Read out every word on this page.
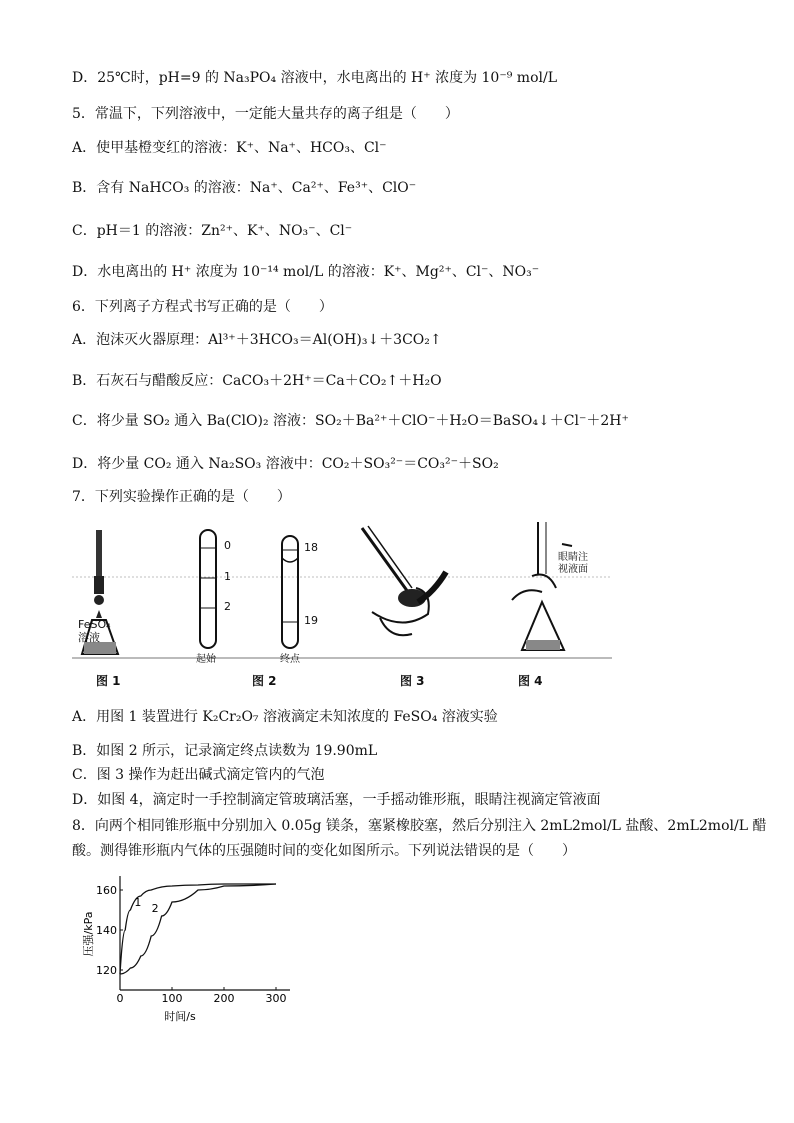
D．25℃时，pH=9 的 Na₃PO₄ 溶液中，水电离出的 H⁺ 浓度为 10⁻⁹ mol/L
5．常温下，下列溶液中，一定能大量共存的离子组是（　　）
A．使甲基橙变红的溶液：K⁺、Na⁺、HCO₃、Cl⁻
B．含有 NaHCO₃ 的溶液：Na⁺、Ca²⁺、Fe³⁺、ClO⁻
C．pH＝1 的溶液：Zn²⁺、K⁺、NO₃⁻、Cl⁻
D．水电离出的 H⁺ 浓度为 10⁻¹⁴ mol/L 的溶液：K⁺、Mg²⁺、Cl⁻、NO₃⁻
6．下列离子方程式书写正确的是（　　）
A．泡沫灭火器原理：Al³⁺＋3HCO₃＝Al(OH)₃↓＋3CO₂↑
B．石灰石与醋酸反应：CaCO₃＋2H⁺＝Ca＋CO₂↑＋H₂O
C．将少量 SO₂ 通入 Ba(ClO)₂ 溶液：SO₂＋Ba²⁺＋ClO⁻＋H₂O＝BaSO₄↓＋Cl⁻＋2H⁺
D．将少量 CO₂ 通入 Na₂SO₃ 溶液中：CO₂＋SO₃²⁻＝CO₃²⁻＋SO₂
7．下列实验操作正确的是（　　）
FeSO₄
溶液
0
1
2
起始
18
19
终点
眼睛注
视液面
图 1	图 2	图 3	图 4
A．用图 1 装置进行 K₂Cr₂O₇ 溶液滴定未知浓度的 FeSO₄ 溶液实验
B．如图 2 所示，记录滴定终点读数为 19.90mL
C．图 3 操作为赶出碱式滴定管内的气泡
D．如图 4，滴定时一手控制滴定管玻璃活塞，一手摇动锥形瓶，眼睛注视滴定管液面
8．向两个相同锥形瓶中分别加入 0.05g 镁条，塞紧橡胶塞，然后分别注入 2mL2mol/L 盐酸、2mL2mol/L 醋
酸。测得锥形瓶内气体的压强随时间的变化如图所示。下列说法错误的是（　　）
时间/s
压强/kPa
0	100	200	300
120
140
160
1 2
